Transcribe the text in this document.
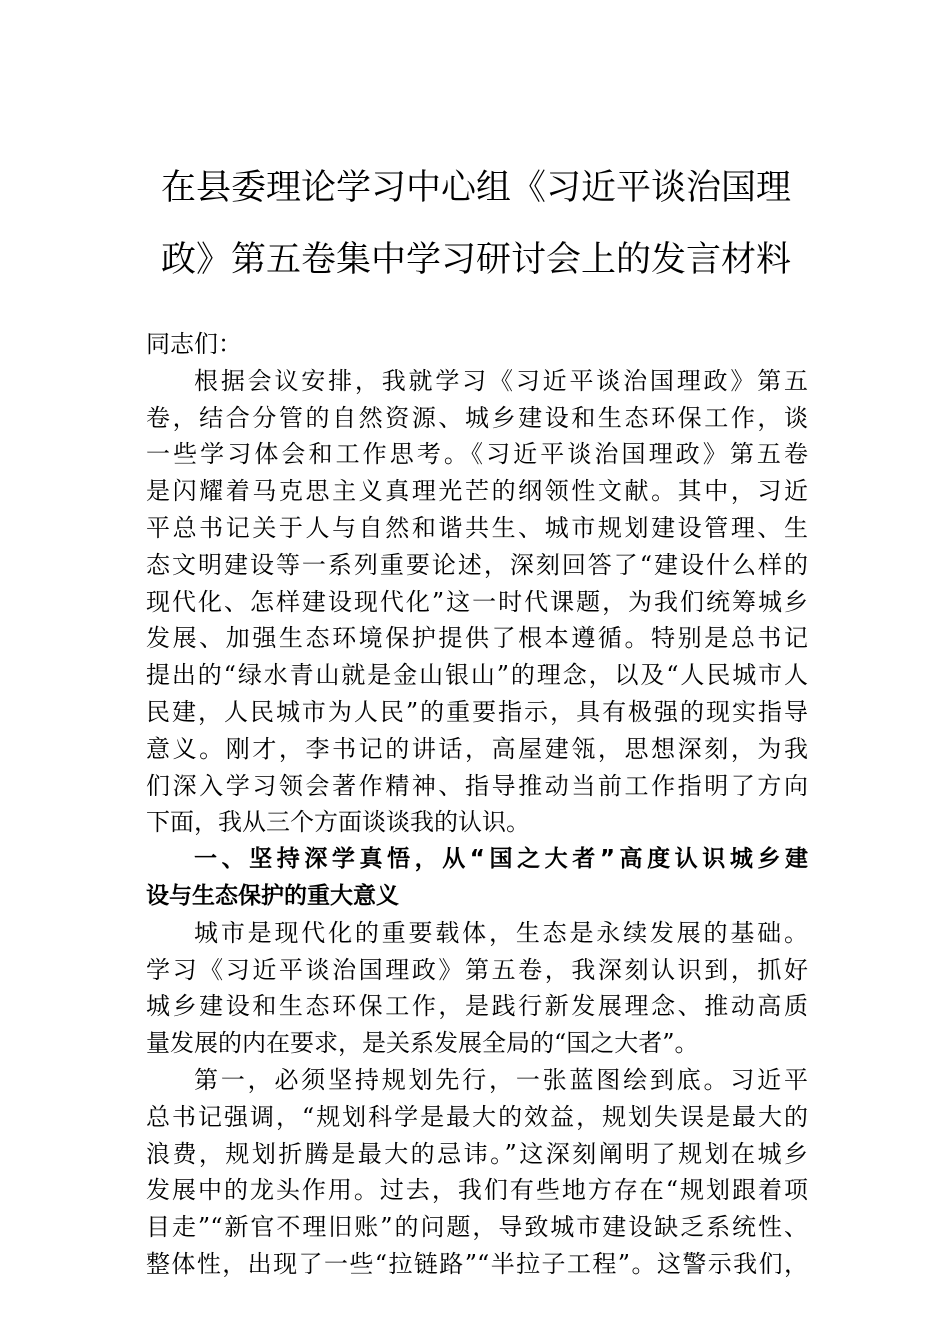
在县委理论学习中心组《习近平谈治国理
政》第五卷集中学习研讨会上的发言材料
同志们：
根据会议安排，我就学习《习近平谈治国理政》第五
卷，结合分管的自然资源、城乡建设和生态环保工作，谈
一些学习体会和工作思考。《习近平谈治国理政》第五卷
是闪耀着马克思主义真理光芒的纲领性文献。其中，习近
平总书记关于人与自然和谐共生、城市规划建设管理、生
态文明建设等一系列重要论述，深刻回答了“建设什么样的
现代化、怎样建设现代化”这一时代课题，为我们统筹城乡
发展、加强生态环境保护提供了根本遵循。特别是总书记
提出的“绿水青山就是金山银山”的理念，以及“人民城市人
民建，人民城市为人民”的重要指示，具有极强的现实指导
意义。刚才，李书记的讲话，高屋建瓴，思想深刻，为我
们深入学习领会著作精神、指导推动当前工作指明了方向
下面，我从三个方面谈谈我的认识。
一、坚持深学真悟，从“国之大者”高度认识城乡建
设与生态保护的重大意义
城市是现代化的重要载体，生态是永续发展的基础。
学习《习近平谈治国理政》第五卷，我深刻认识到，抓好
城乡建设和生态环保工作，是践行新发展理念、推动高质
量发展的内在要求，是关系发展全局的“国之大者”。
第一，必须坚持规划先行，一张蓝图绘到底。习近平
总书记强调，“规划科学是最大的效益，规划失误是最大的
浪费，规划折腾是最大的忌讳。”这深刻阐明了规划在城乡
发展中的龙头作用。过去，我们有些地方存在“规划跟着项
目走”“新官不理旧账”的问题，导致城市建设缺乏系统性、
整体性，出现了一些“拉链路”“半拉子工程”。这警示我们，
